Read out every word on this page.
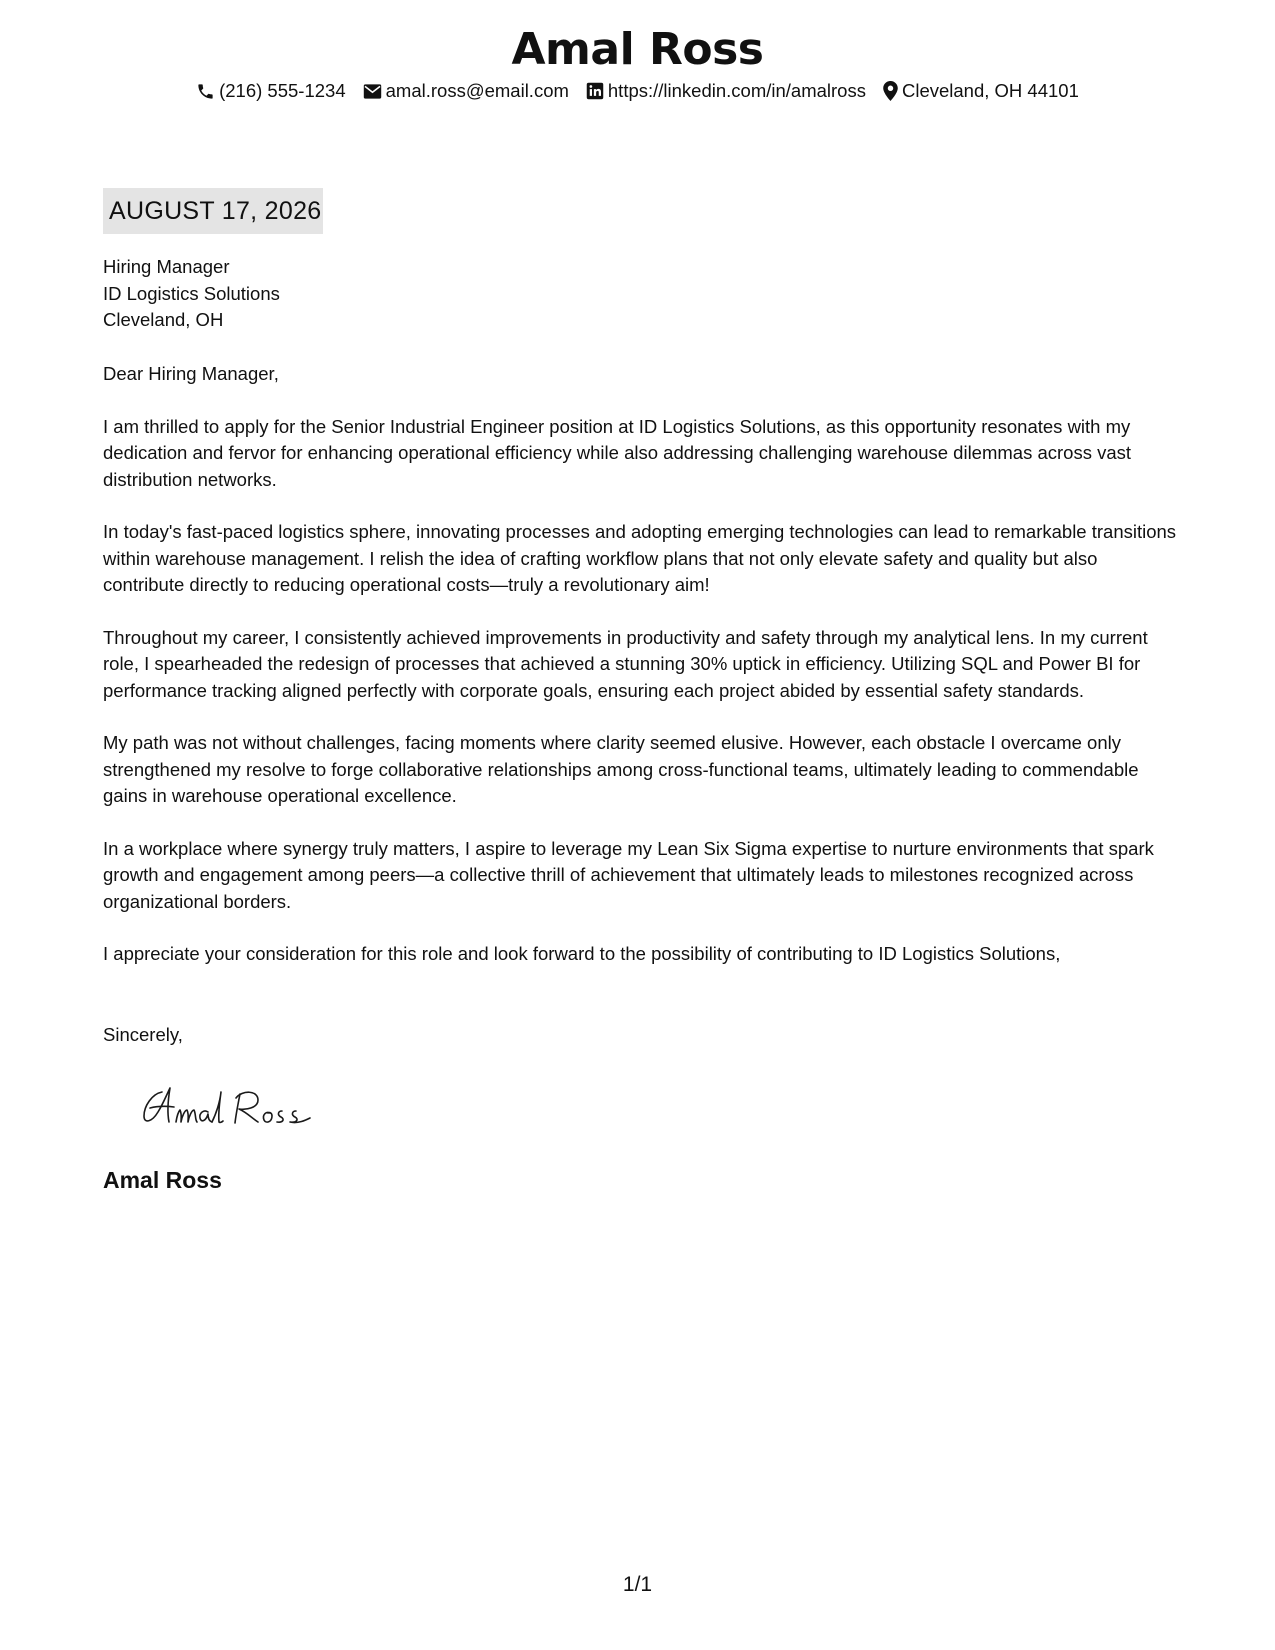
Amal Ross
(216) 555-1234 amal.ross@email.com https://linkedin.com/in/amalross Cleveland, OH 44101
AUGUST 17, 2026
Hiring Manager
ID Logistics Solutions
Cleveland, OH

Dear Hiring Manager,

I am thrilled to apply for the Senior Industrial Engineer position at ID Logistics Solutions, as this opportunity resonates with my dedication and fervor for enhancing operational efficiency while also addressing challenging warehouse dilemmas across vast distribution networks.

In today's fast-paced logistics sphere, innovating processes and adopting emerging technologies can lead to remarkable transitions within warehouse management. I relish the idea of crafting workflow plans that not only elevate safety and quality but also contribute directly to reducing operational costs—truly a revolutionary aim!

Throughout my career, I consistently achieved improvements in productivity and safety through my analytical lens. In my current role, I spearheaded the redesign of processes that achieved a stunning 30% uptick in efficiency. Utilizing SQL and Power BI for performance tracking aligned perfectly with corporate goals, ensuring each project abided by essential safety standards.

My path was not without challenges, facing moments where clarity seemed elusive. However, each obstacle I overcame only strengthened my resolve to forge collaborative relationships among cross-functional teams, ultimately leading to commendable gains in warehouse operational excellence.

In a workplace where synergy truly matters, I aspire to leverage my Lean Six Sigma expertise to nurture environments that spark growth and engagement among peers—a collective thrill of achievement that ultimately leads to milestones recognized across organizational borders.

I appreciate your consideration for this role and look forward to the possibility of contributing to ID Logistics Solutions,

Sincerely,
Amal Ross
1/1
